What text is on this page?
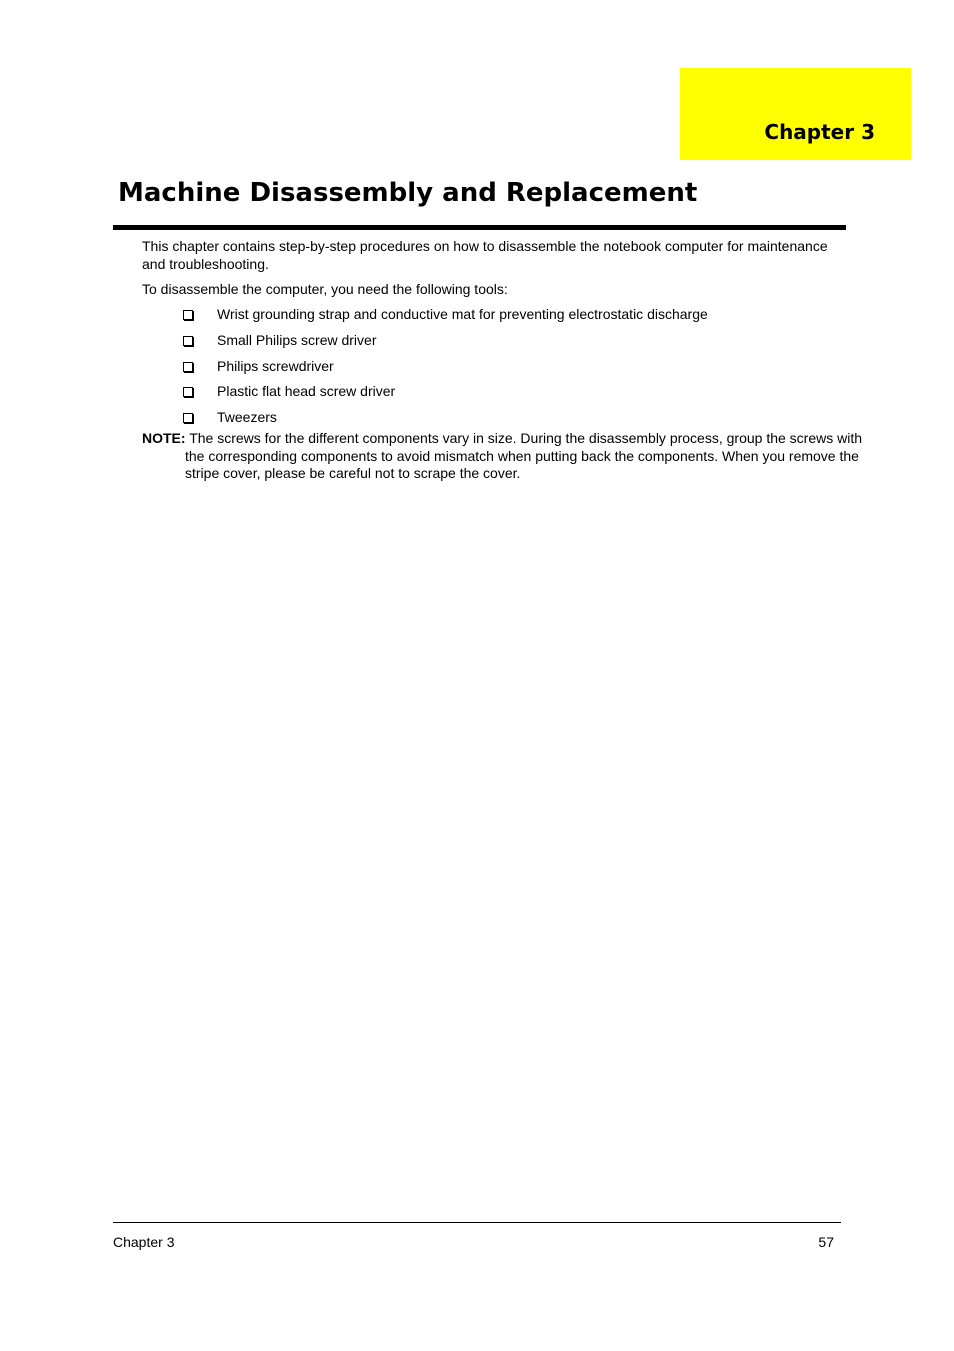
Chapter 3
Machine Disassembly and Replacement

This chapter contains step-by-step procedures on how to disassemble the notebook computer for maintenance and troubleshooting.

To disassemble the computer, you need the following tools:

Wrist grounding strap and conductive mat for preventing electrostatic discharge
Small Philips screw driver
Philips screwdriver
Plastic flat head screw driver
Tweezers

NOTE: The screws for the different components vary in size. During the disassembly process, group the screws with the corresponding components to avoid mismatch when putting back the components. When you remove the stripe cover, please be careful not to scrape the cover.

Chapter 3	57
